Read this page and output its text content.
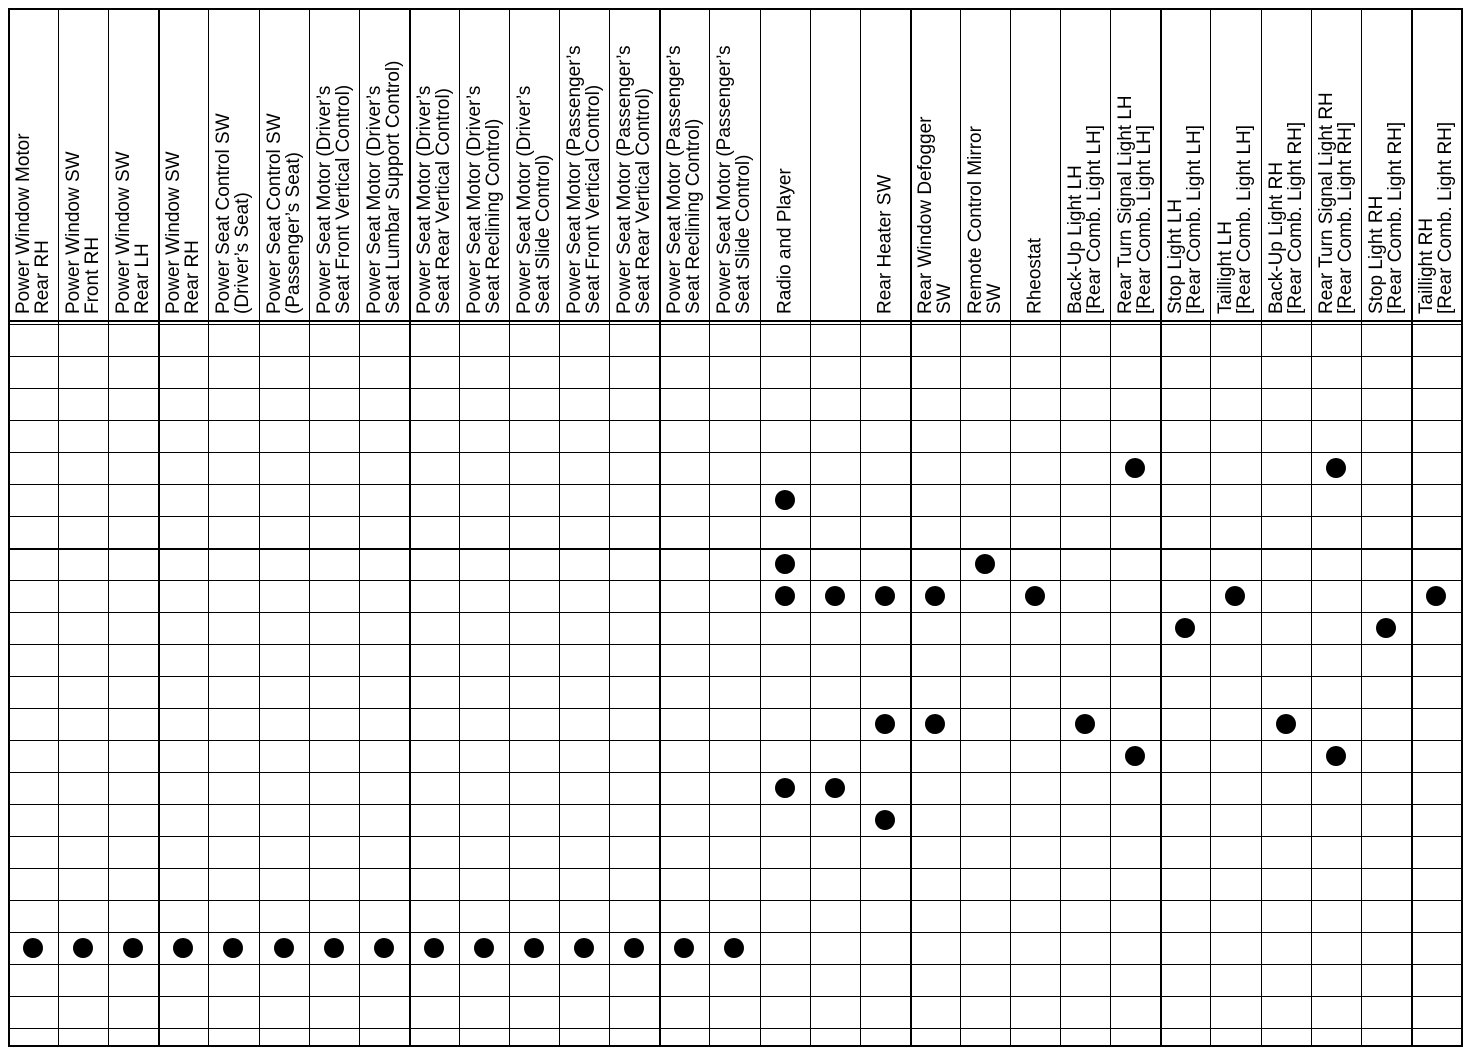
Power Window Motor
Rear RH Power Window SW
Front RH Power Window SW
Rear LH Power Window SW
Rear RH Power Seat Control SW
(Driver’s Seat) Power Seat Control SW
(Passenger’s Seat) Power Seat Motor (Driver’s
Seat Front Vertical Control) Power Seat Motor (Driver’s
Seat Lumbar Support Control) Power Seat Motor (Driver’s
Seat Rear Vertical Control) Power Seat Motor (Driver’s
Seat Reclining Control) Power Seat Motor (Driver’s
Seat Slide Control) Power Seat Motor (Passenger’s
Seat Front Vertical Control) Power Seat Motor (Passenger’s
Seat Rear Vertical Control) Power Seat Motor (Passenger’s
Seat Reclining Control) Power Seat Motor (Passenger’s
Seat Slide Control) Radio and Player	Rear Heater SW Rear Window Defogger
SW Remote Control Mirror
SW Rheostat Back-Up Light LH
[Rear Comb. Light LH] Rear Turn Signal Light LH
[Rear Comb. Light LH] Stop Light LH
[Rear Comb. Light LH] Taillight LH
[Rear Comb. Light LH] Back-Up Light RH
[Rear Comb. Light RH] Rear Turn Signal Light RH
[Rear Comb. Light RH] Stop Light RH
[Rear Comb. Light RH] Taillight RH
[Rear Comb. Light RH]
